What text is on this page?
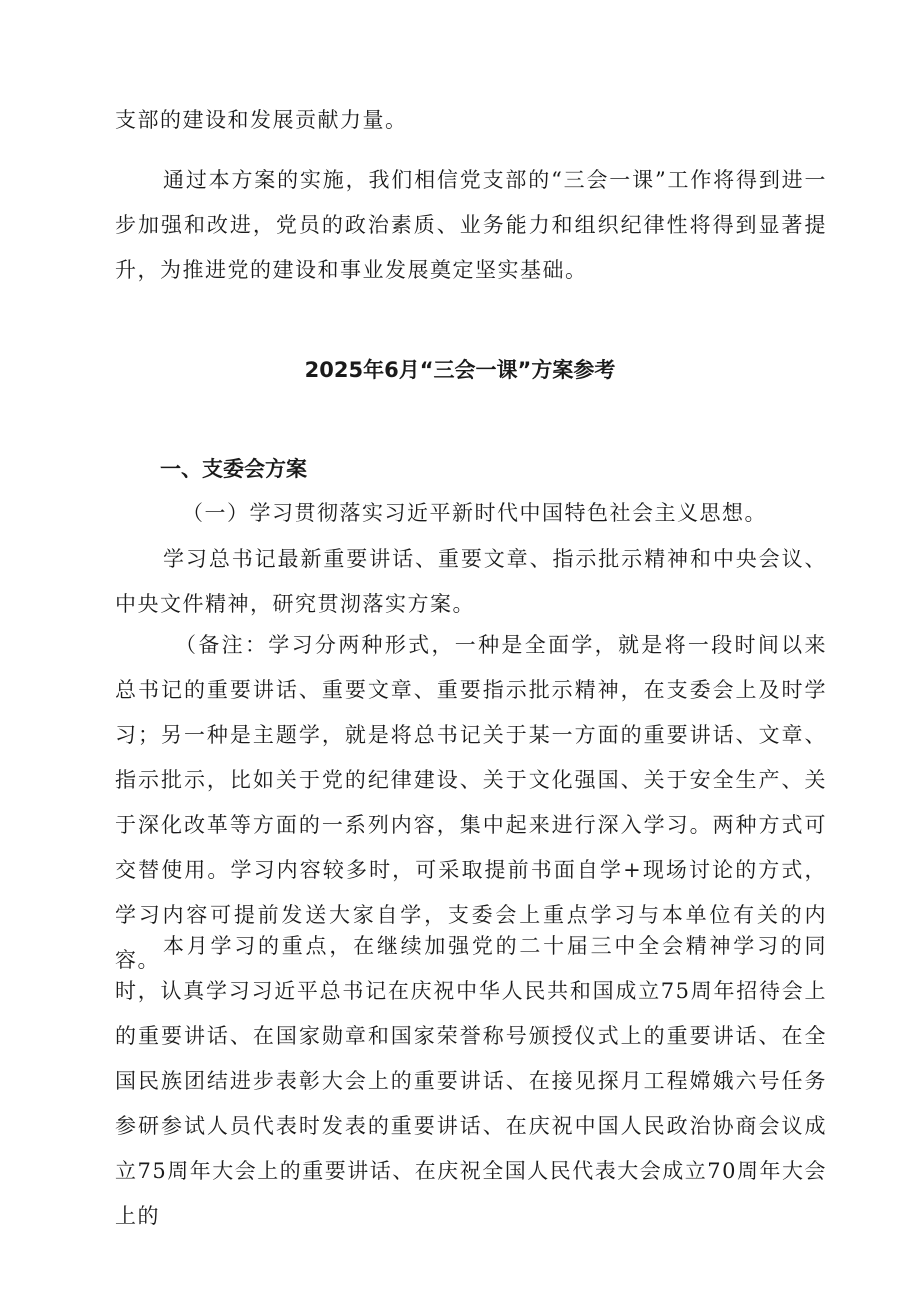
支部的建设和发展贡献力量。

通过本方案的实施，我们相信党支部的“三会一课”工作将得到进一步加强和改进，党员的政治素质、业务能力和组织纪律性将得到显著提升，为推进党的建设和事业发展奠定坚实基础。

2025年6月“三会一课”方案参考
一、支委会方案

（一）学习贯彻落实习近平新时代中国特色社会主义思想。

学习总书记最新重要讲话、重要文章、指示批示精神和中央会议、中央文件精神，研究贯沏落实方案。

（备注：学习分两种形式，一种是全面学，就是将一段时间以来总书记的重要讲话、重要文章、重要指示批示精神，在支委会上及时学习；另一种是主题学，就是将总书记关于某一方面的重要讲话、文章、指示批示，比如关于党的纪律建设、关于文化强国、关于安全生产、关于深化改革等方面的一系列内容，集中起来进行深入学习。两种方式可交替使用。学习内容较多时，可采取提前书面自学+现场讨论的方式，学习内容可提前发送大家自学，支委会上重点学习与本单位有关的内容。

本月学习的重点，在继续加强党的二十届三中全会精神学习的同时，认真学习习近平总书记在庆祝中华人民共和国成立75周年招待会上的重要讲话、在国家勋章和国家荣誉称号颁授仪式上的重要讲话、在全国民族团结进步表彰大会上的重要讲话、在接见探月工程嫦娥六号任务参研参试人员代表时发表的重要讲话、在庆祝中国人民政治协商会议成立75周年大会上的重要讲话、在庆祝全国人民代表大会成立70周年大会上的
